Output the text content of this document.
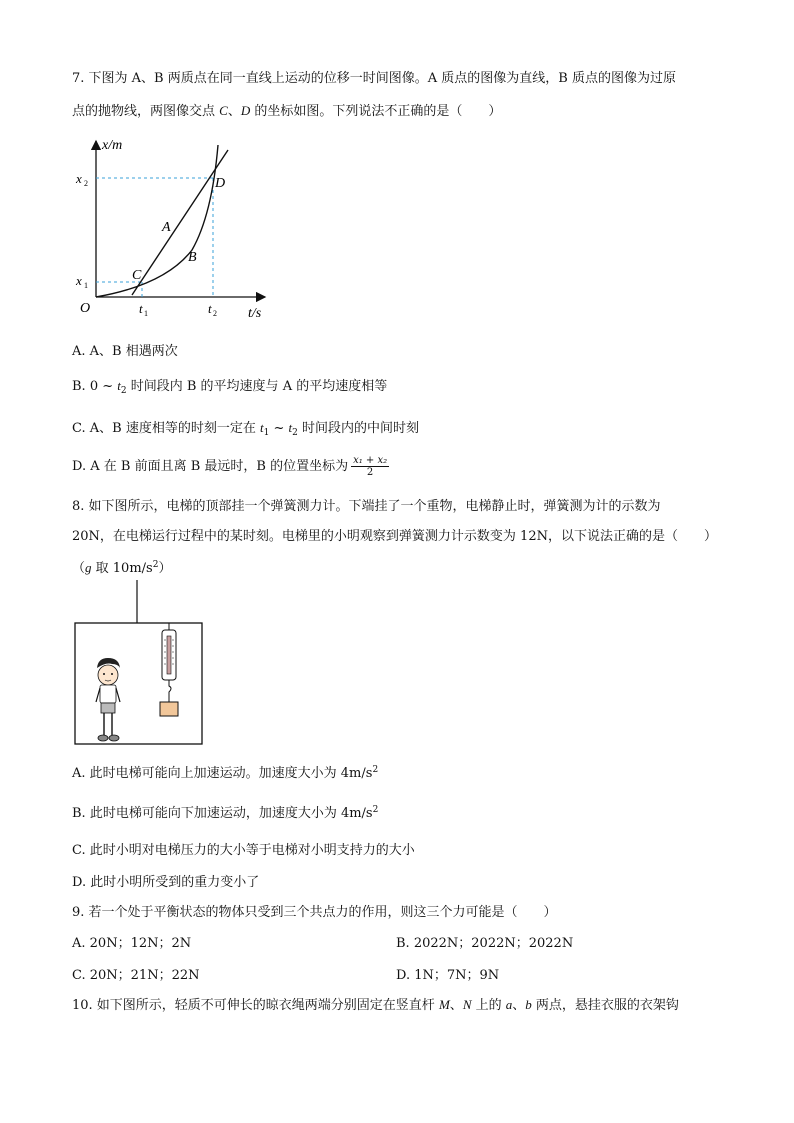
7. 下图为 A、B 两质点在同一直线上运动的位移一时间图像。A 质点的图像为直线，B 质点的图像为过原
点的抛物线，两图像交点 C、D 的坐标如图。下列说法不正确的是（　　）
x/m
t/s
O
x 2
x 1
t 1	t 2
A
B
C
D
A. A、B 相遇两次
B. 0 ~ $t_2$ 时间段内 B 的平均速度与 A 的平均速度相等
C. A、B 速度相等的时刻一定在 $t_1$ ~ $t_2$ 时间段内的中间时刻
D. A 在 B 前面且离 B 最远时，B 的位置坐标为 $\frac{\text{x₁ + x₂}}{2}$
8. 如下图所示，电梯的顶部挂一个弹簧测力计。下端挂了一个重物，电梯静止时，弹簧测为计的示数为
20N，在电梯运行过程中的某时刻。电梯里的小明观察到弹簧测力计示数变为 12N，以下说法正确的是（　　）
（g 取 $10m/s^2$）
A. 此时电梯可能向上加速运动。加速度大小为 $4m/s^2$
B. 此时电梯可能向下加速运动，加速度大小为 $4m/s^2$
C. 此时小明对电梯压力的大小等于电梯对小明支持力的大小
D. 此时小明所受到的重力变小了
9. 若一个处于平衡状态的物体只受到三个共点力的作用，则这三个力可能是（　　）
A. 20N；12N；2N	B. 2022N；2022N；2022N
C. 20N；21N；22N	D. 1N；7N；9N
10. 如下图所示，轻质不可伸长的晾衣绳两端分别固定在竖直杆 M、N 上的 a、b 两点，悬挂衣服的衣架钩
